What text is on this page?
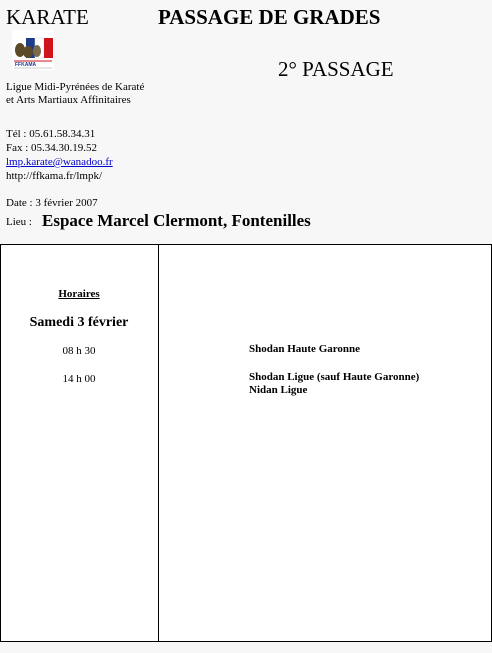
KARATE	PASSAGE DE GRADES
2° PASSAGE
FFKAMA
Ligue Midi-Pyrénées de Karaté
et Arts Martiaux Affinitaires
Tél : 05.61.58.34.31
Fax : 05.34.30.19.52
lmp.karate@wanadoo.fr
http://ffkama.fr/lmpk/
Date : 3 février 2007
Lieu : Espace Marcel Clermont, Fontenilles
Horaires
Samedi 3 février
08 h 30
14 h 00
Shodan Haute Garonne
Shodan Ligue (sauf Haute Garonne)
Nidan Ligue
